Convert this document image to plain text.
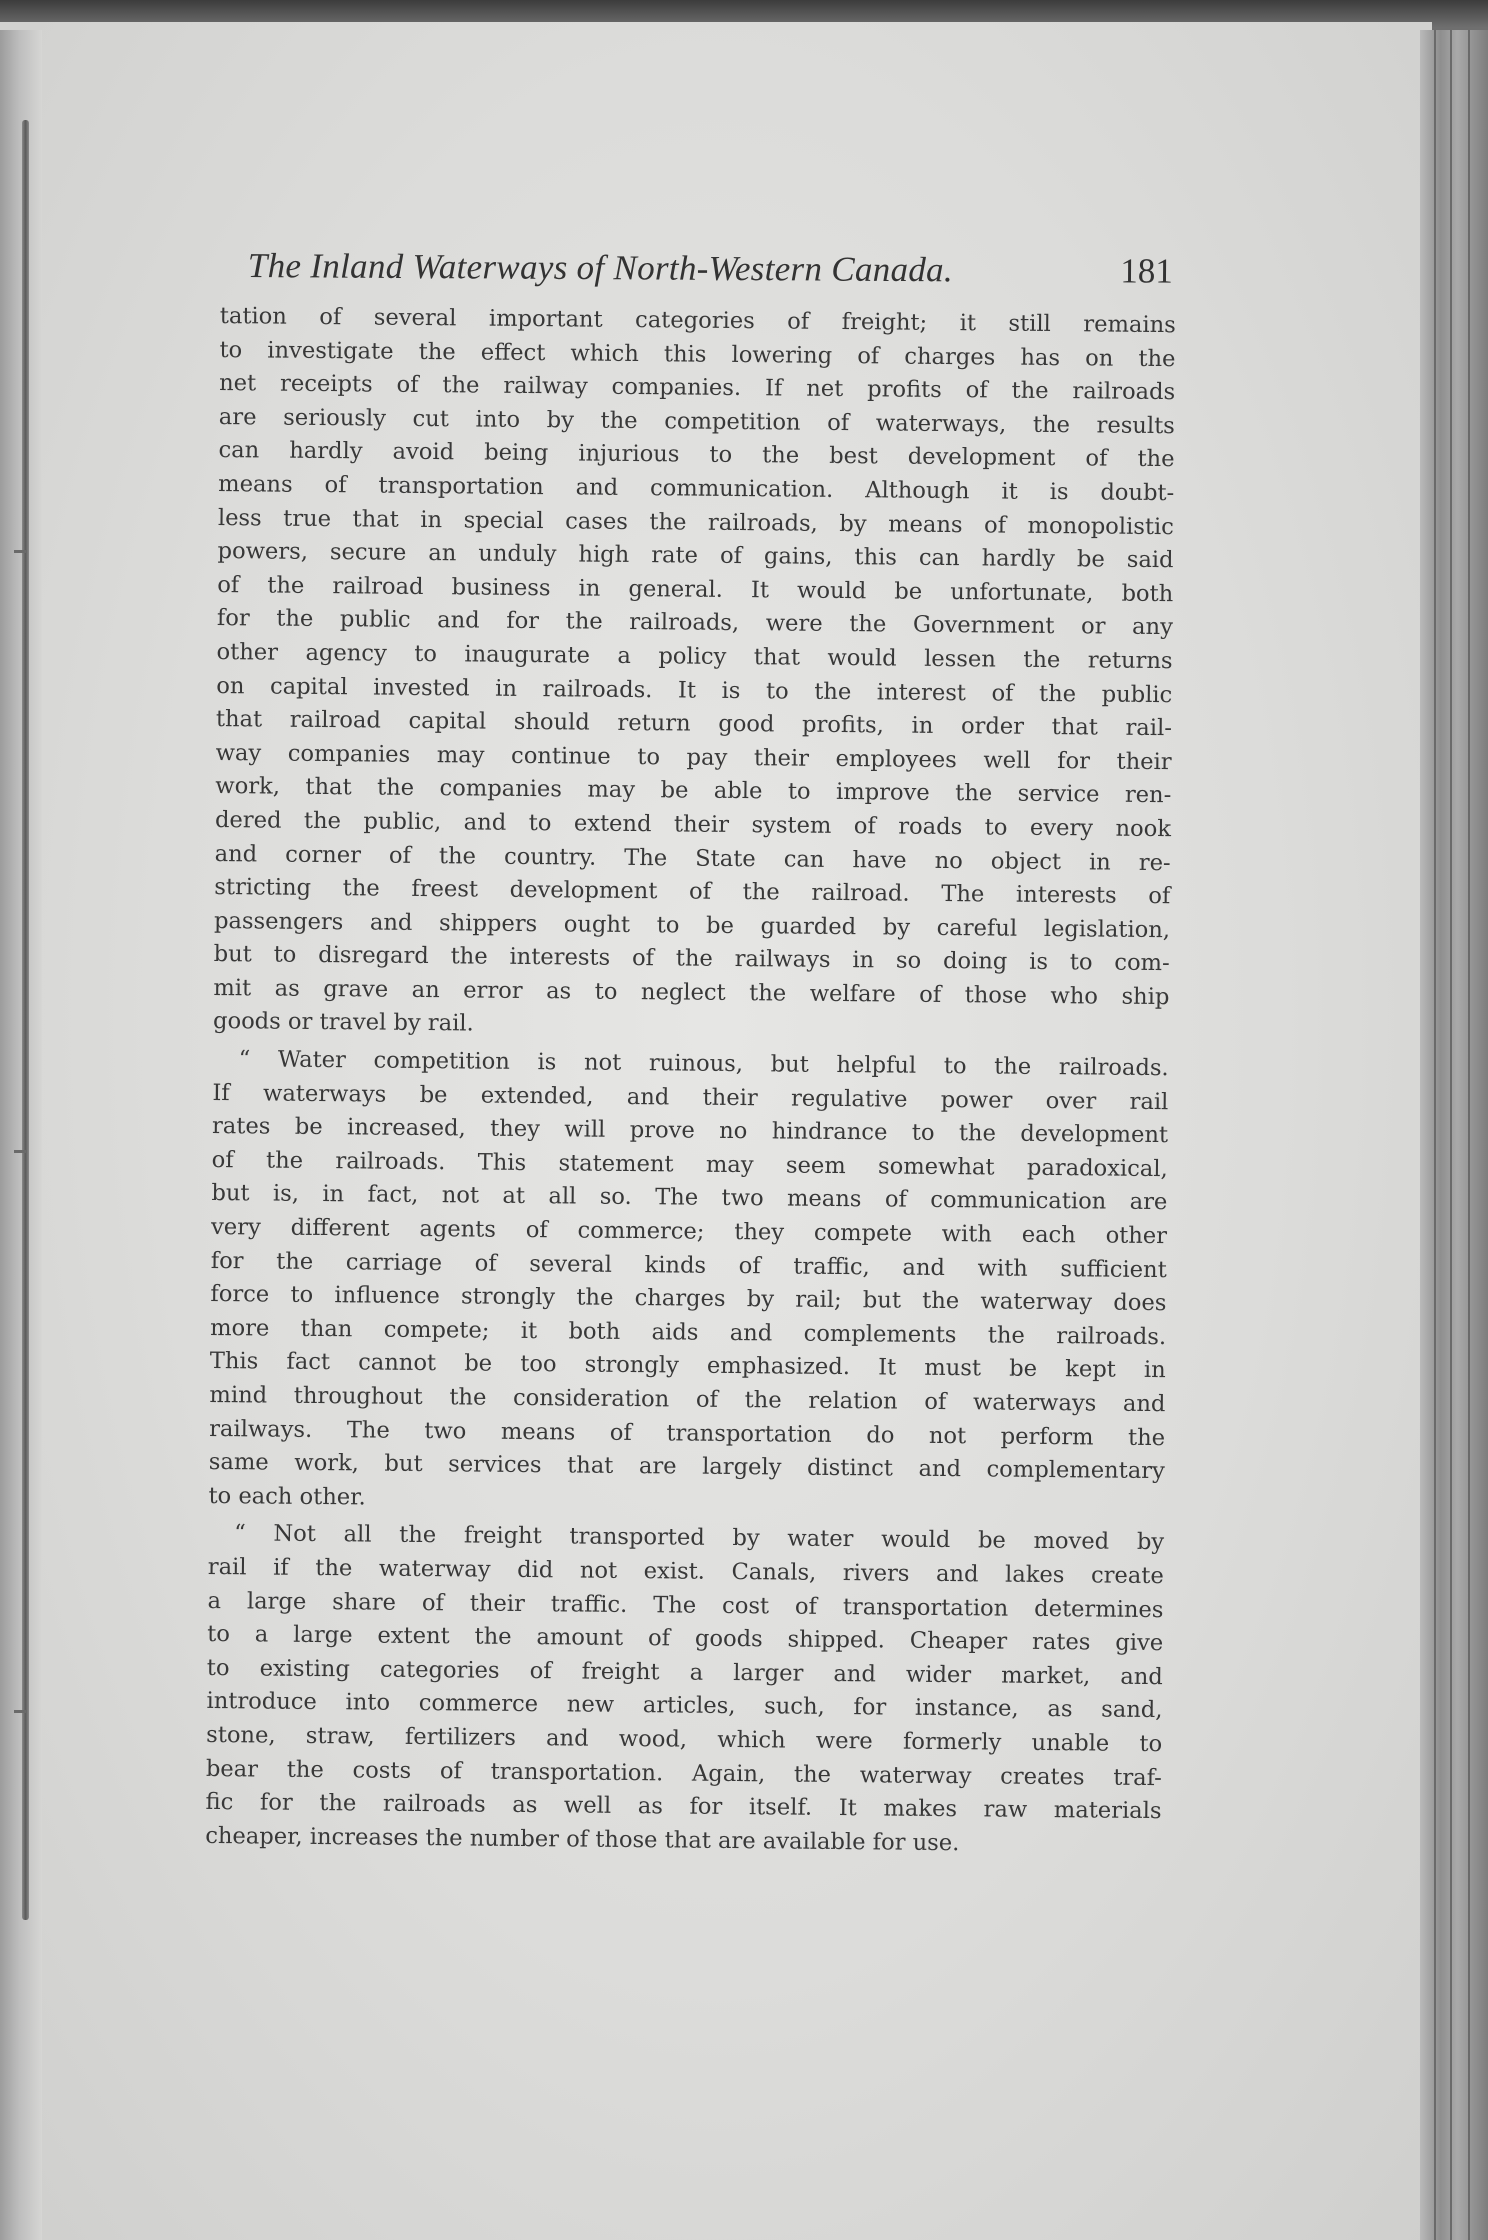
The Inland Waterways of North-Western Canada.	181
tation of several important categories of freight; it still remains
to investigate the effect which this lowering of charges has on the
net receipts of the railway companies. If net profits of the railroads
are seriously cut into by the competition of waterways, the results
can hardly avoid being injurious to the best development of the
means of transportation and communication. Although it is doubt-
less true that in special cases the railroads, by means of monopolistic
powers, secure an unduly high rate of gains, this can hardly be said
of the railroad business in general. It would be unfortunate, both
for the public and for the railroads, were the Government or any
other agency to inaugurate a policy that would lessen the returns
on capital invested in railroads. It is to the interest of the public
that railroad capital should return good profits, in order that rail-
way companies may continue to pay their employees well for their
work, that the companies may be able to improve the service ren-
dered the public, and to extend their system of roads to every nook
and corner of the country. The State can have no object in re-
stricting the freest development of the railroad. The interests of
passengers and shippers ought to be guarded by careful legislation,
but to disregard the interests of the railways in so doing is to com-
mit as grave an error as to neglect the welfare of those who ship
goods or travel by rail.
“ Water competition is not ruinous, but helpful to the railroads.
If waterways be extended, and their regulative power over rail
rates be increased, they will prove no hindrance to the development
of the railroads. This statement may seem somewhat paradoxical,
but is, in fact, not at all so. The two means of communication are
very different agents of commerce; they compete with each other
for the carriage of several kinds of traffic, and with sufficient
force to influence strongly the charges by rail; but the waterway does
more than compete; it both aids and complements the railroads.
This fact cannot be too strongly emphasized. It must be kept in
mind throughout the consideration of the relation of waterways and
railways. The two means of transportation do not perform the
same work, but services that are largely distinct and complementary
to each other.
“ Not all the freight transported by water would be moved by
rail if the waterway did not exist. Canals, rivers and lakes create
a large share of their traffic. The cost of transportation determines
to a large extent the amount of goods shipped. Cheaper rates give
to existing categories of freight a larger and wider market, and
introduce into commerce new articles, such, for instance, as sand,
stone, straw, fertilizers and wood, which were formerly unable to
bear the costs of transportation. Again, the waterway creates traf-
fic for the railroads as well as for itself. It makes raw materials
cheaper, increases the number of those that are available for use.
